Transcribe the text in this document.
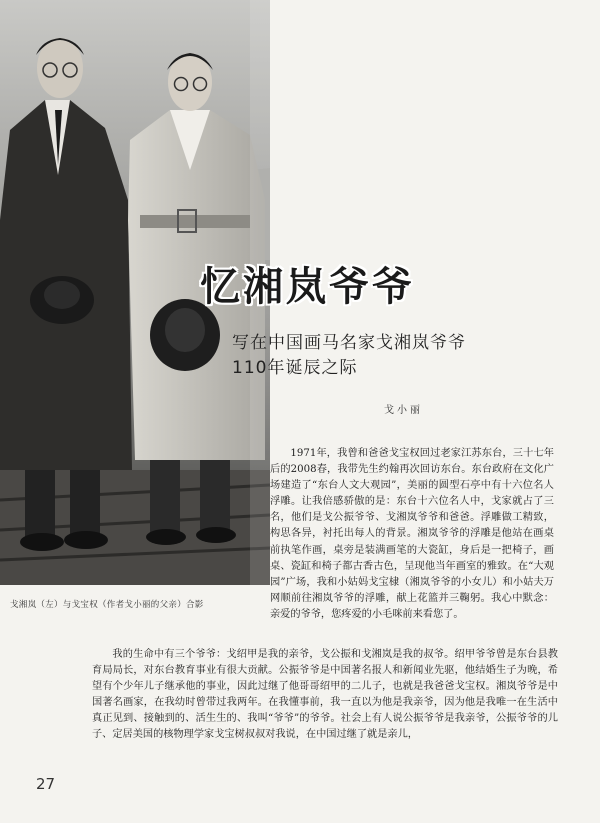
戈湘岚（左）与戈宝权（作者戈小丽的父亲）合影
忆湘岚爷爷
写在中国画马名家戈湘岚爷爷
110年诞辰之际
戈小丽

1971年，我曾和爸爸戈宝权回过老家江苏东台，三十七年后的2008春，我带先生约翰再次回访东台。东台政府在文化广场建造了“东台人文大观园”，美丽的圆型石亭中有十六位名人浮雕。让我倍感骄傲的是：东台十六位名人中，戈家就占了三名，他们是戈公振爷爷、戈湘岚爷爷和爸爸。浮雕做工精致，构思各异，衬托出每人的背景。湘岚爷爷的浮雕是他站在画桌前执笔作画，桌旁是装满画笔的大瓷缸，身后是一把椅子，画桌、瓷缸和椅子都古香古色，呈现他当年画室的雅致。在“大观园”广场，我和小姑妈戈宝棣（湘岚爷爷的小女儿）和小姑夫万网顺前往湘岚爷爷的浮雕，献上花篮并三鞠躬。我心中默念：亲爱的爷爷，您疼爱的小毛咪前来看您了。

我的生命中有三个爷爷：戈绍甲是我的亲爷，戈公振和戈湘岚是我的叔爷。绍甲爷爷曾是东台县教育局局长，对东台教育事业有很大贡献。公振爷爷是中国著名报人和新闻业先驱，他结婚生子为晚，希望有个少年儿子继承他的事业，因此过继了他哥哥绍甲的二儿子，也就是我爸爸戈宝权。湘岚爷爷是中国著名画家，在我幼时曾带过我两年。在我懂事前，我一直以为他是我亲爷，因为他是我唯一在生活中真正见到、接触到的、活生生的、我叫“爷爷”的爷爷。社会上有人说公振爷爷是我亲爷，公振爷爷的儿子、定居美国的核物理学家戈宝树叔叔对我说，在中国过继了就是亲儿，

27
